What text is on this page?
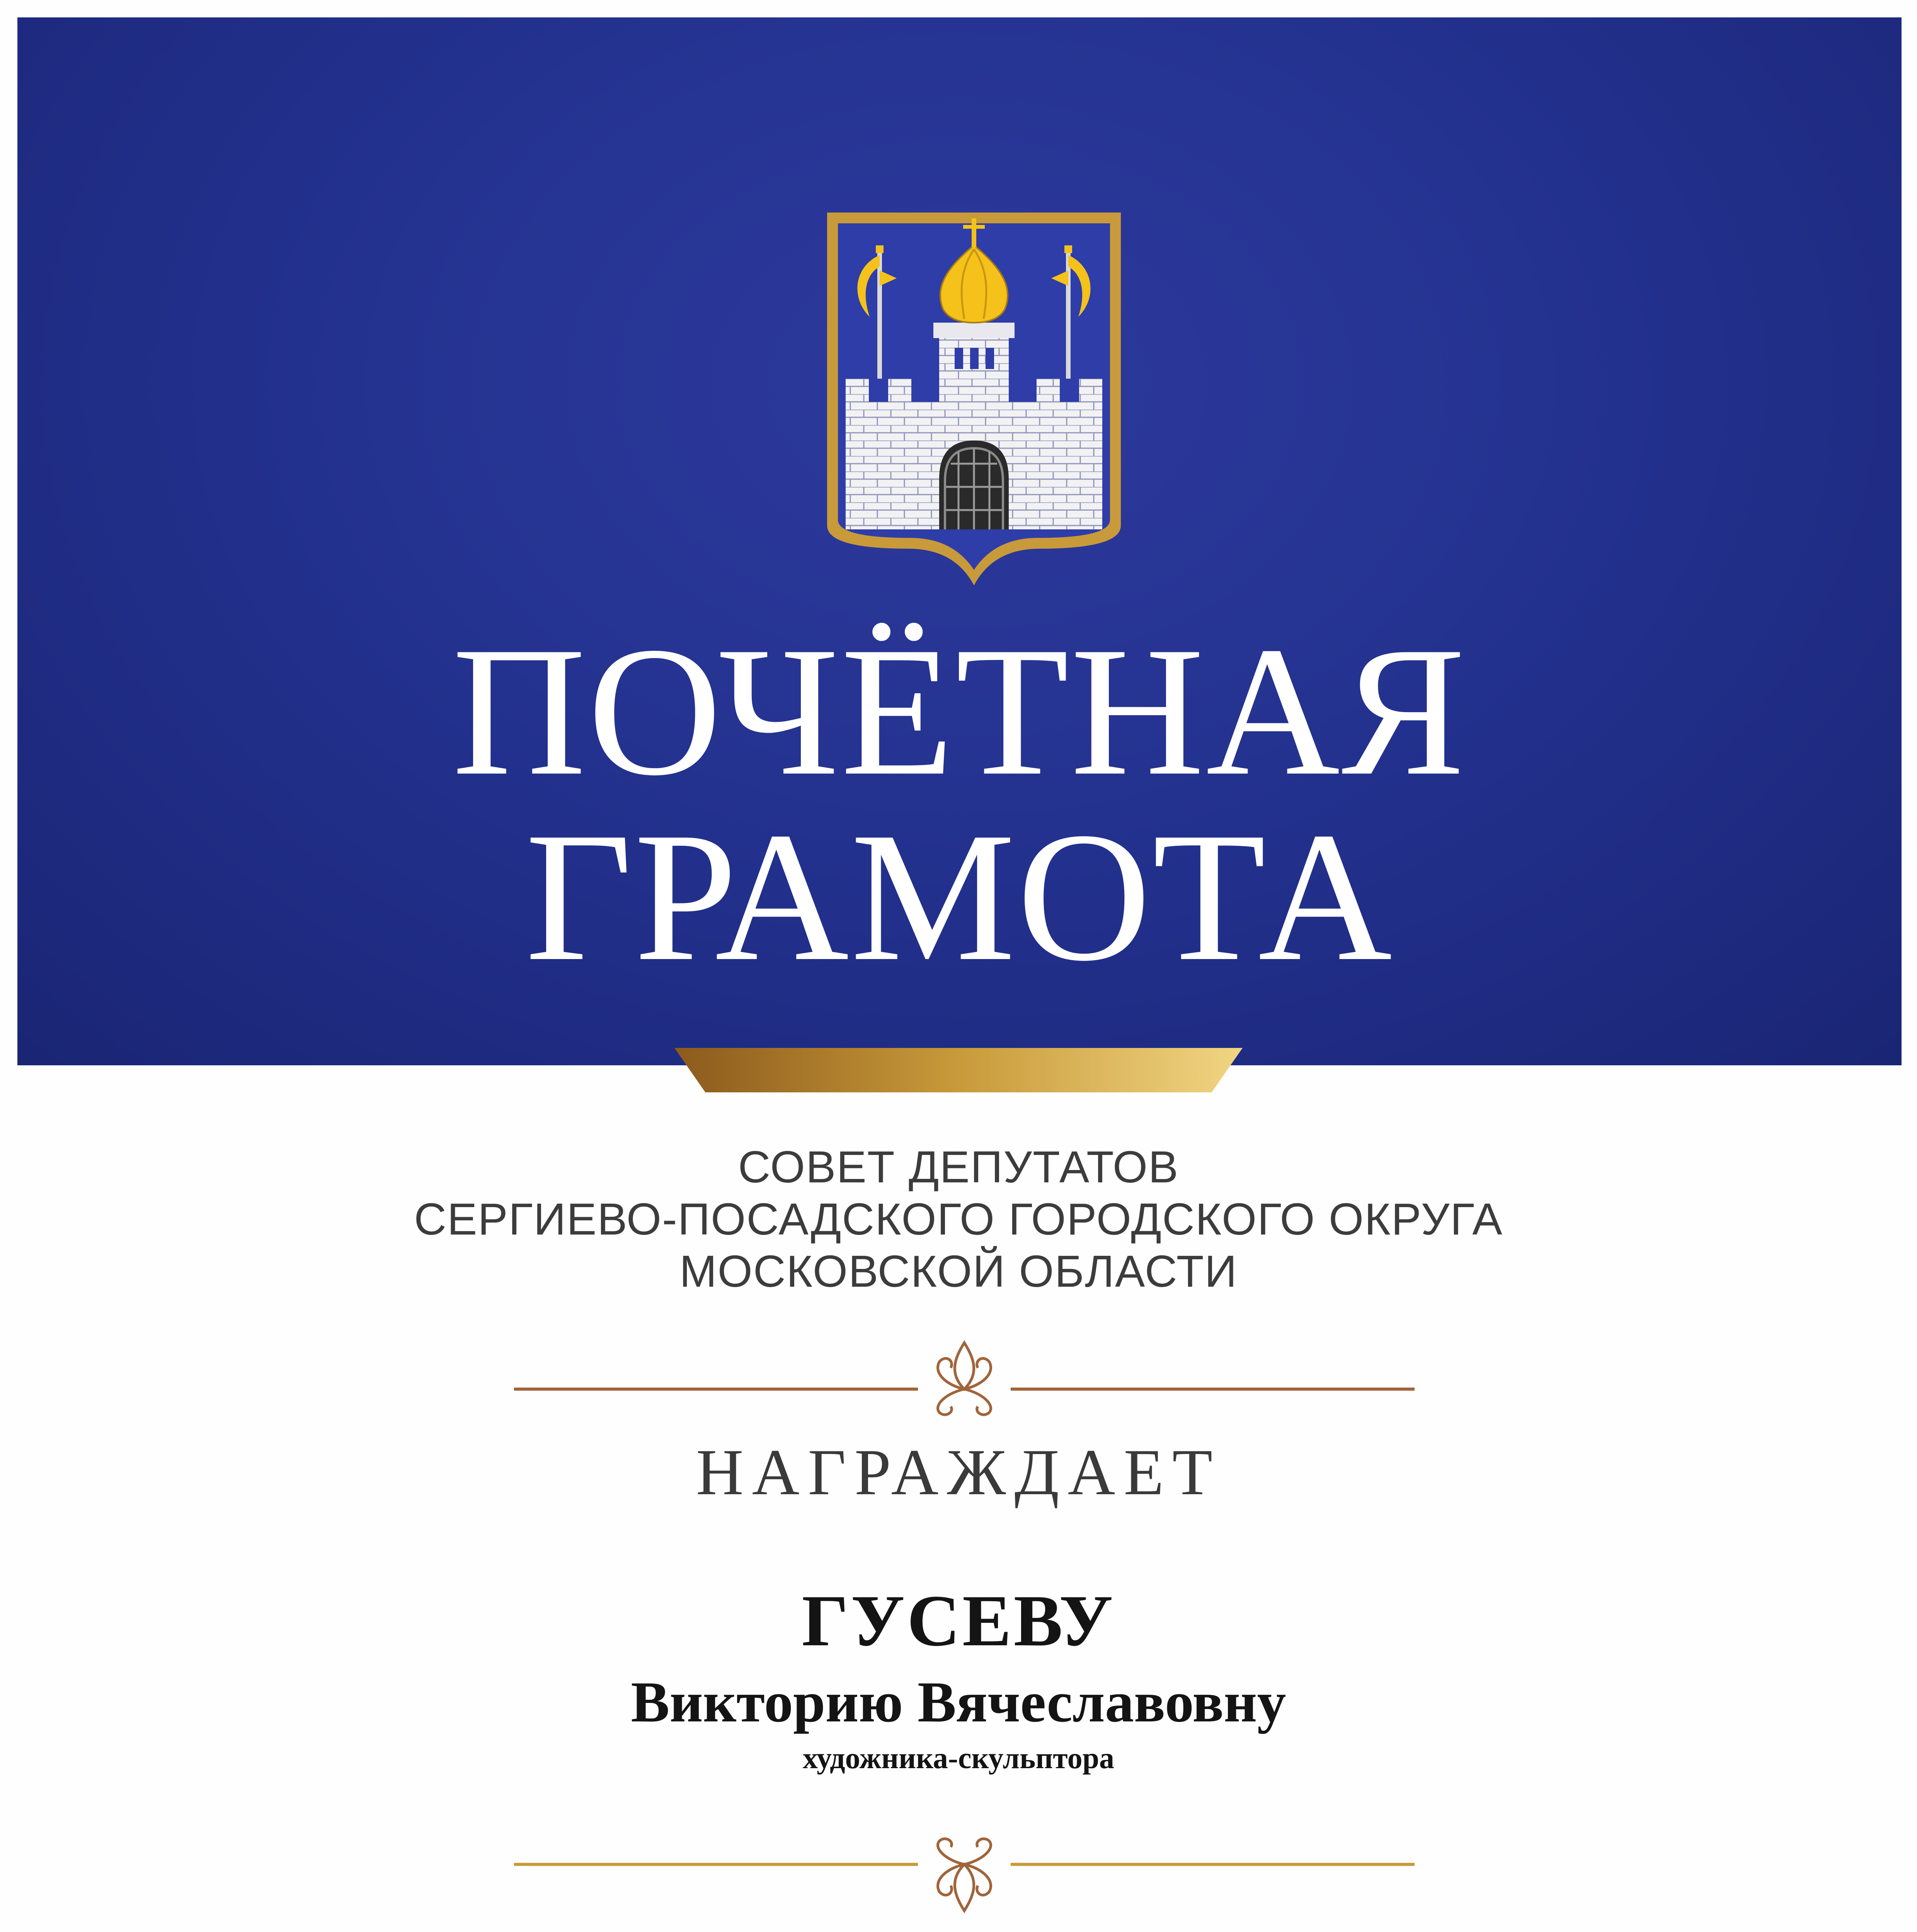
ПОЧЁТНАЯ
ГРАМОТА
СОВЕТ ДЕПУТАТОВ
СЕРГИЕВО-ПОСАДСКОГО ГОРОДСКОГО ОКРУГА
МОСКОВСКОЙ ОБЛАСТИ
НАГРАЖДАЕТ
ГУСЕВУ
Викторию Вячеславовну
художника-скульптора
